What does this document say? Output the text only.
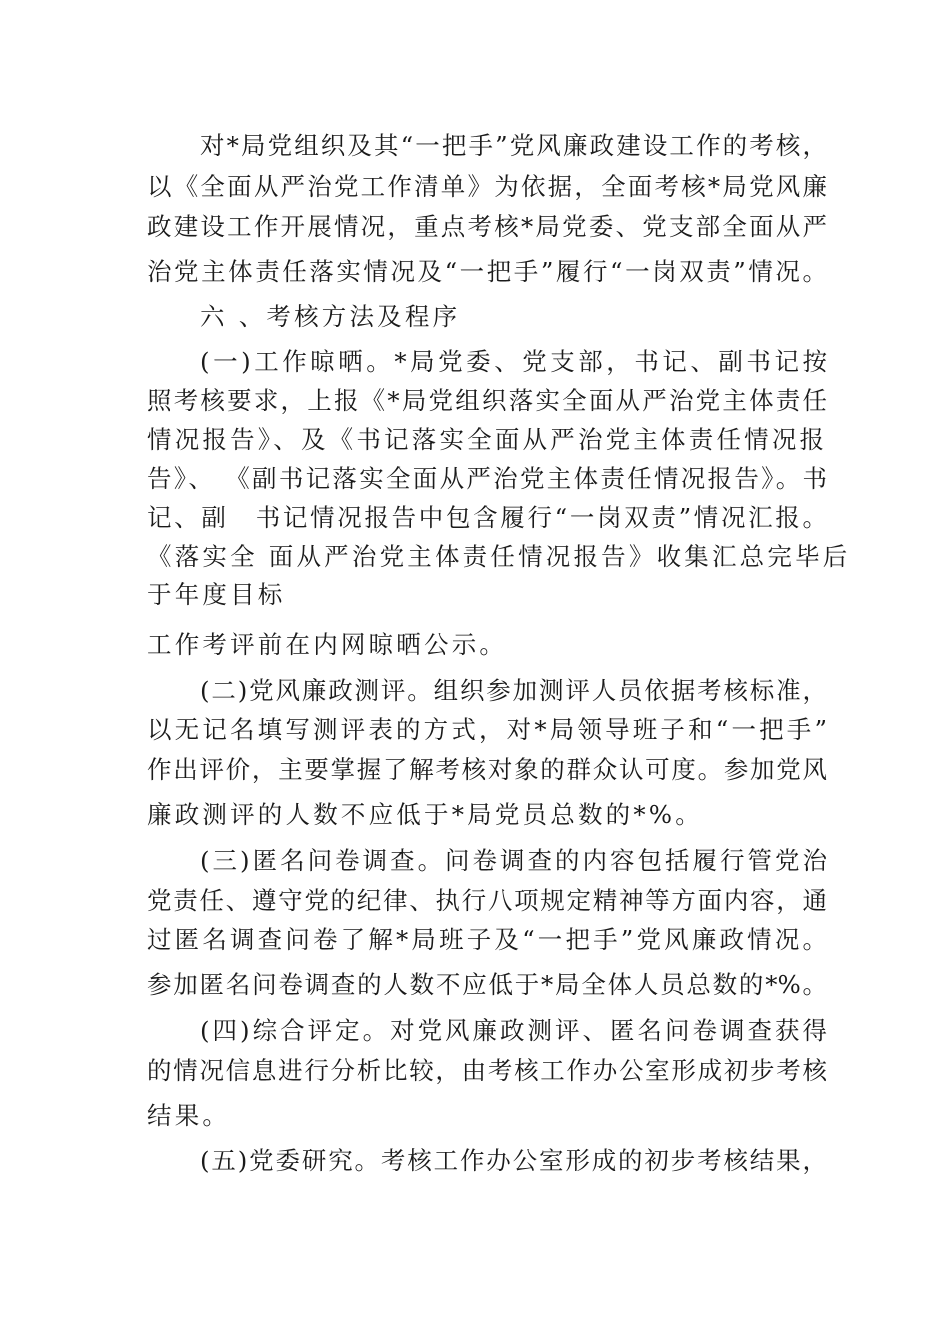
对*局党组织及其“一把手”党风廉政建设工作的考核，
以《全面从严治党工作清单》为依据，全面考核*局党风廉
政建设工作开展情况，重点考核*局党委、党支部全面从严
治党主体责任落实情况及“一把手”履行“一岗双责”情况。
六 、考核方法及程序
(一)工作晾晒。*局党委、党支部，书记、副书记按
照考核要求，上报《*局党组织落实全面从严治党主体责任
情况报告》、及《书记落实全面从严治党主体责任情况报
告》、 《副书记落实全面从严治党主体责任情况报告》。书
记、副　书记情况报告中包含履行“一岗双责”情况汇报。
《落实全 面从严治党主体责任情况报告》收集汇总完毕后
于年度目标
工作考评前在内网晾晒公示。
(二)党风廉政测评。组织参加测评人员依据考核标准，
以无记名填写测评表的方式，对*局领导班子和“一把手”
作出评价，主要掌握了解考核对象的群众认可度。参加党风
廉政测评的人数不应低于*局党员总数的*%。
(三)匿名问卷调查。问卷调查的内容包括履行管党治
党责任、遵守党的纪律、执行八项规定精神等方面内容，通
过匿名调查问卷了解*局班子及“一把手”党风廉政情况。
参加匿名问卷调查的人数不应低于*局全体人员总数的*%。
(四)综合评定。对党风廉政测评、匿名问卷调查获得
的情况信息进行分析比较，由考核工作办公室形成初步考核
结果。
(五)党委研究。考核工作办公室形成的初步考核结果，
